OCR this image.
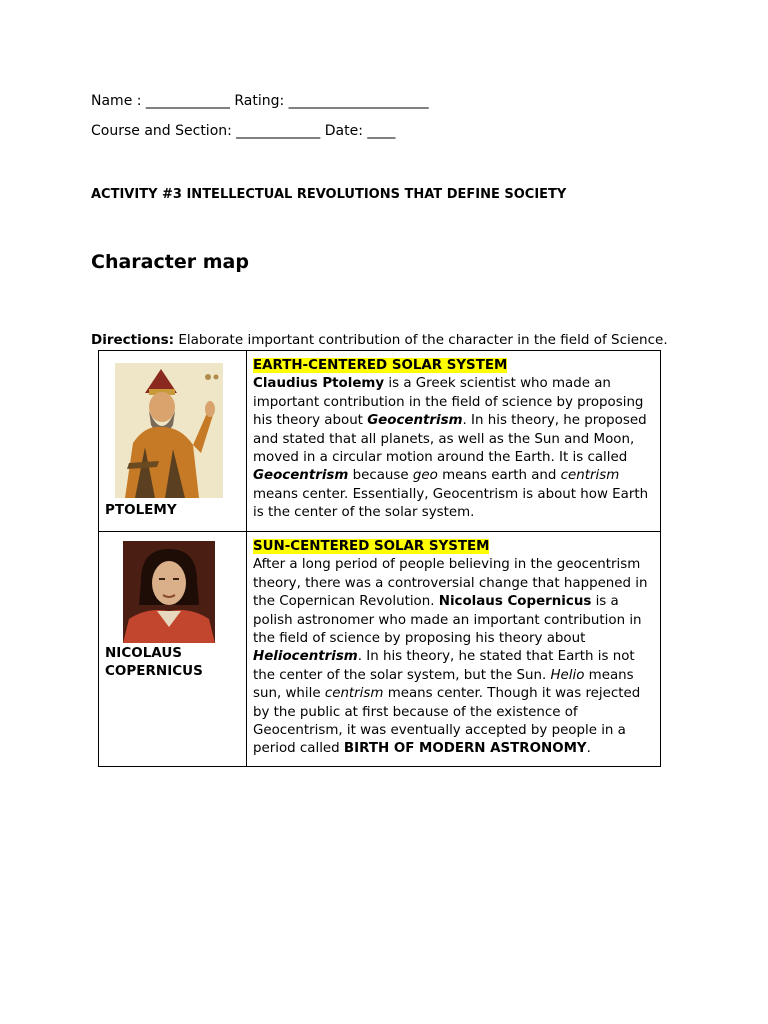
Name : ____________ Rating: ____________________
Course and Section: ____________ Date: ____
ACTIVITY #3 INTELLECTUAL REVOLUTIONS THAT DEFINE SOCIETY
Character map
Directions: Elaborate important contribution of the character in the field of Science.
PTOLEMY	EARTH-CENTERED SOLAR SYSTEM
Claudius Ptolemy is a Greek scientist who made an important contribution in the field of science by proposing his theory about Geocentrism. In his theory, he proposed and stated that all planets, as well as the Sun and Moon, moved in a circular motion around the Earth. It is called Geocentrism because geo means earth and centrism means center. Essentially, Geocentrism is about how Earth is the center of the solar system.

NICOLAUS
COPERNICUS	SUN-CENTERED SOLAR SYSTEM
After a long period of people believing in the geocentrism theory, there was a controversial change that happened in the Copernican Revolution. Nicolaus Copernicus is a polish astronomer who made an important contribution in the field of science by proposing his theory about Heliocentrism. In his theory, he stated that Earth is not the center of the solar system, but the Sun. Helio means sun, while centrism means center. Though it was rejected by the public at first because of the existence of Geocentrism, it was eventually accepted by people in a period called BIRTH OF MODERN ASTRONOMY.
